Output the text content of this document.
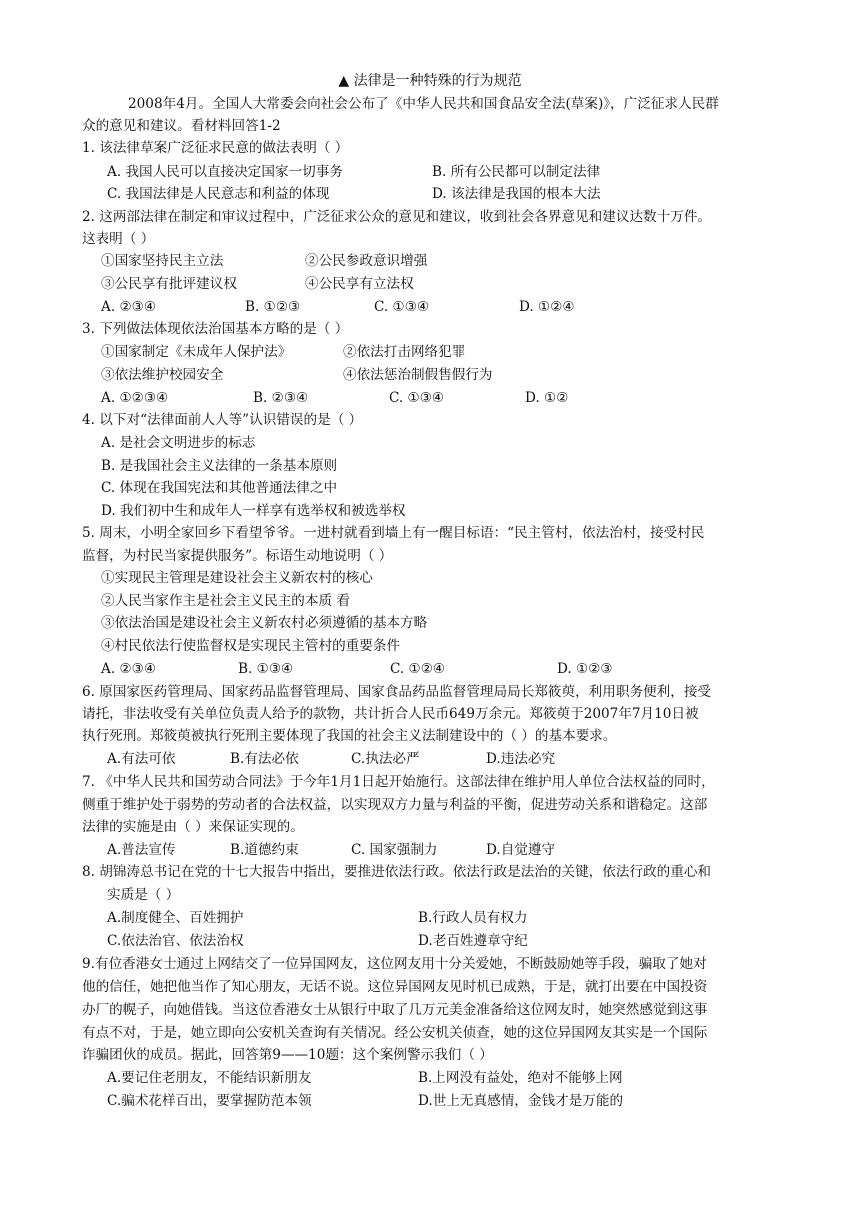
▲ 法律是一种特殊的行为规范
2008年4月。全国人大常委会向社会公布了《中华人民共和国食品安全法(草案)》，广泛征求人民群
众的意见和建议。看材料回答1-2
1. 该法律草案广泛征求民意的做法表明（ ）
A. 我国人民可以直接决定国家一切事务	B. 所有公民都可以制定法律
C. 我国法律是人民意志和利益的体现	D. 该法律是我国的根本大法
2. 这两部法律在制定和审议过程中，广泛征求公众的意见和建议，收到社会各界意见和建议达数十万件。
这表明（ ）
①国家坚持民主立法	②公民参政意识增强
③公民享有批评建议权	④公民享有立法权
A. ②③④	B. ①②③	C. ①③④	D. ①②④
3. 下列做法体现依法治国基本方略的是（ ）
①国家制定《未成年人保护法》	②依法打击网络犯罪
③依法维护校园安全	④依法惩治制假售假行为
A. ①②③④	B. ②③④	C. ①③④	D. ①②
4. 以下对“法律面前人人等”认识错误的是（ ）
A. 是社会文明进步的标志
B. 是我国社会主义法律的一条基本原则
C. 体现在我国宪法和其他普通法律之中
D. 我们初中生和成年人一样享有选举权和被选举权
5. 周末，小明全家回乡下看望爷爷。一进村就看到墙上有一醒目标语：“民主管村，依法治村，接受村民
监督，为村民当家提供服务”。标语生动地说明（ ）
①实现民主管理是建设社会主义新农村的核心
②人民当家作主是社会主义民主的本质 看
③依法治国是建设社会主义新农村必须遵循的基本方略
④村民依法行使监督权是实现民主管村的重要条件
A. ②③④	B. ①③④	C. ①②④	D. ①②③
6. 原国家医药管理局、国家药品监督管理局、国家食品药品监督管理局局长郑筱萸，利用职务便利，接受
请托，非法收受有关单位负责人给予的款物，共计折合人民币649万余元。郑筱萸于2007年7月10日被
执行死刑。郑筱萸被执行死刑主要体现了我国的社会主义法制建设中的（ ）的基本要求。
A.有法可依	B.有法必依	C.执法必严	D.违法必究
7. 《中华人民共和国劳动合同法》于今年1月1日起开始施行。这部法律在维护用人单位合法权益的同时，
侧重于维护处于弱势的劳动者的合法权益，以实现双方力量与利益的平衡，促进劳动关系和谐稳定。这部
法律的实施是由（ ）来保证实现的。
A.普法宣传	B.道德约束	C. 国家强制力	D.自觉遵守
8. 胡锦涛总书记在党的十七大报告中指出，要推进依法行政。依法行政是法治的关键，依法行政的重心和
实质是（ ）
A.制度健全、百姓拥护	B.行政人员有权力
C.依法治官、依法治权	D.老百姓遵章守纪
9.有位香港女士通过上网结交了一位异国网友，这位网友用十分关爱她，不断鼓励她等手段，骗取了她对
他的信任，她把他当作了知心朋友，无话不说。这位异国网友见时机已成熟，于是，就打出要在中国投资
办厂的幌子，向她借钱。当这位香港女士从银行中取了几万元美金准备给这位网友时，她突然感觉到这事
有点不对，于是，她立即向公安机关查询有关情况。经公安机关侦查，她的这位异国网友其实是一个国际
诈骗团伙的成员。据此，回答第9——10题：这个案例警示我们（ ）
A.要记住老朋友，不能结识新朋友	B.上网没有益处，绝对不能够上网
C.骗术花样百出，要掌握防范本领	D.世上无真感情，金钱才是万能的
